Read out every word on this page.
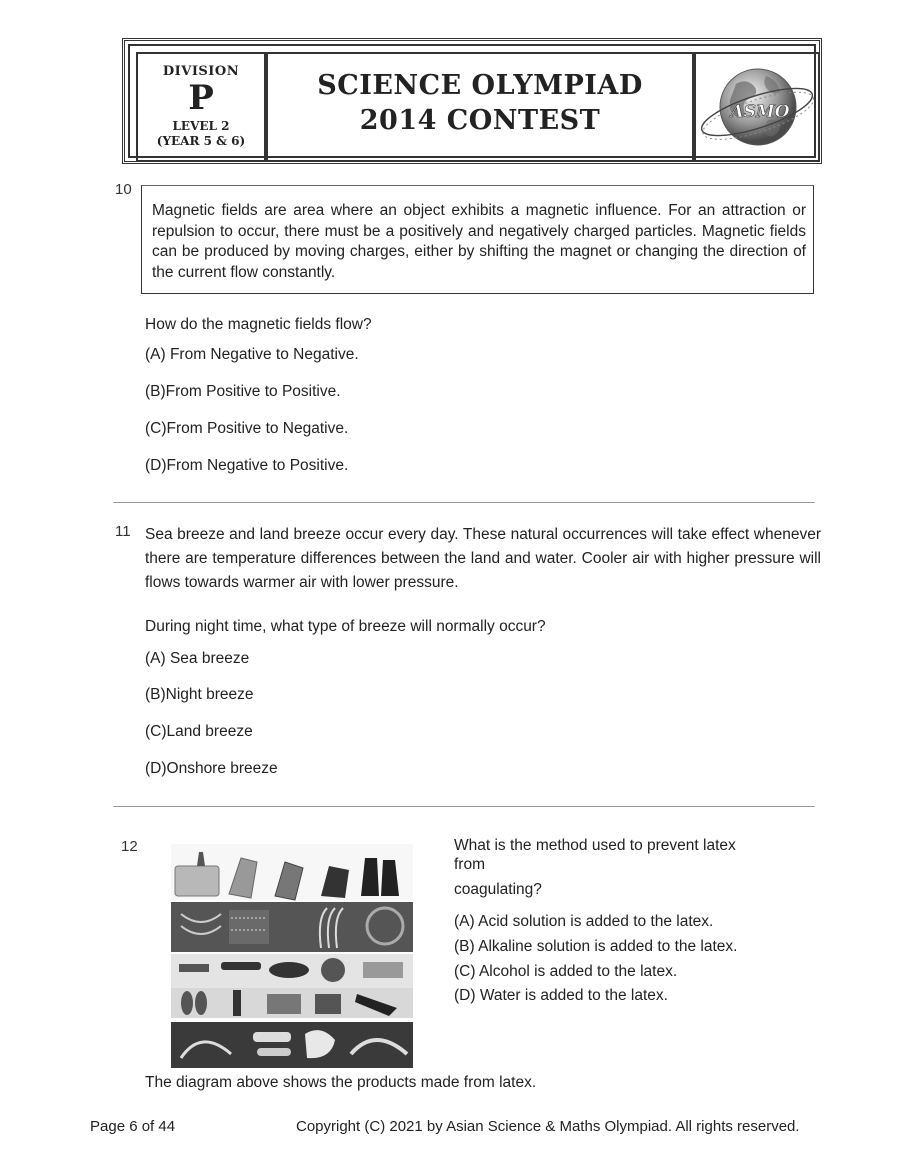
DIVISION
P
LEVEL 2
(YEAR 5 & 6)
SCIENCE OLYMPIAD
2014 CONTEST	ASMO
10
Magnetic fields are area where an object exhibits a magnetic influence. For an attraction or repulsion to occur, there must be a positively and negatively charged particles. Magnetic fields can be produced by moving charges, either by shifting the magnet or changing the direction of the current flow constantly.
How do the magnetic fields flow?
(A) From Negative to Negative.
(B)From Positive to Positive.
(C)From Positive to Negative.
(D)From Negative to Positive.
11 Sea breeze and land breeze occur every day. These natural occurrences will take effect whenever there are temperature differences between the land and water. Cooler air with higher pressure will flows towards warmer air with lower pressure.
During night time, what type of breeze will normally occur?
(A) Sea breeze
(B)Night breeze
(C)Land breeze
(D)Onshore breeze
12	What is the method used to prevent latex
from
coagulating?
(A) Acid solution is added to the latex.
(B) Alkaline solution is added to the latex.
(C) Alcohol is added to the latex.
(D) Water is added to the latex.
The diagram above shows the products made from latex.
Page 6 of 44	Copyright (C) 2021 by Asian Science & Maths Olympiad. All rights reserved.
